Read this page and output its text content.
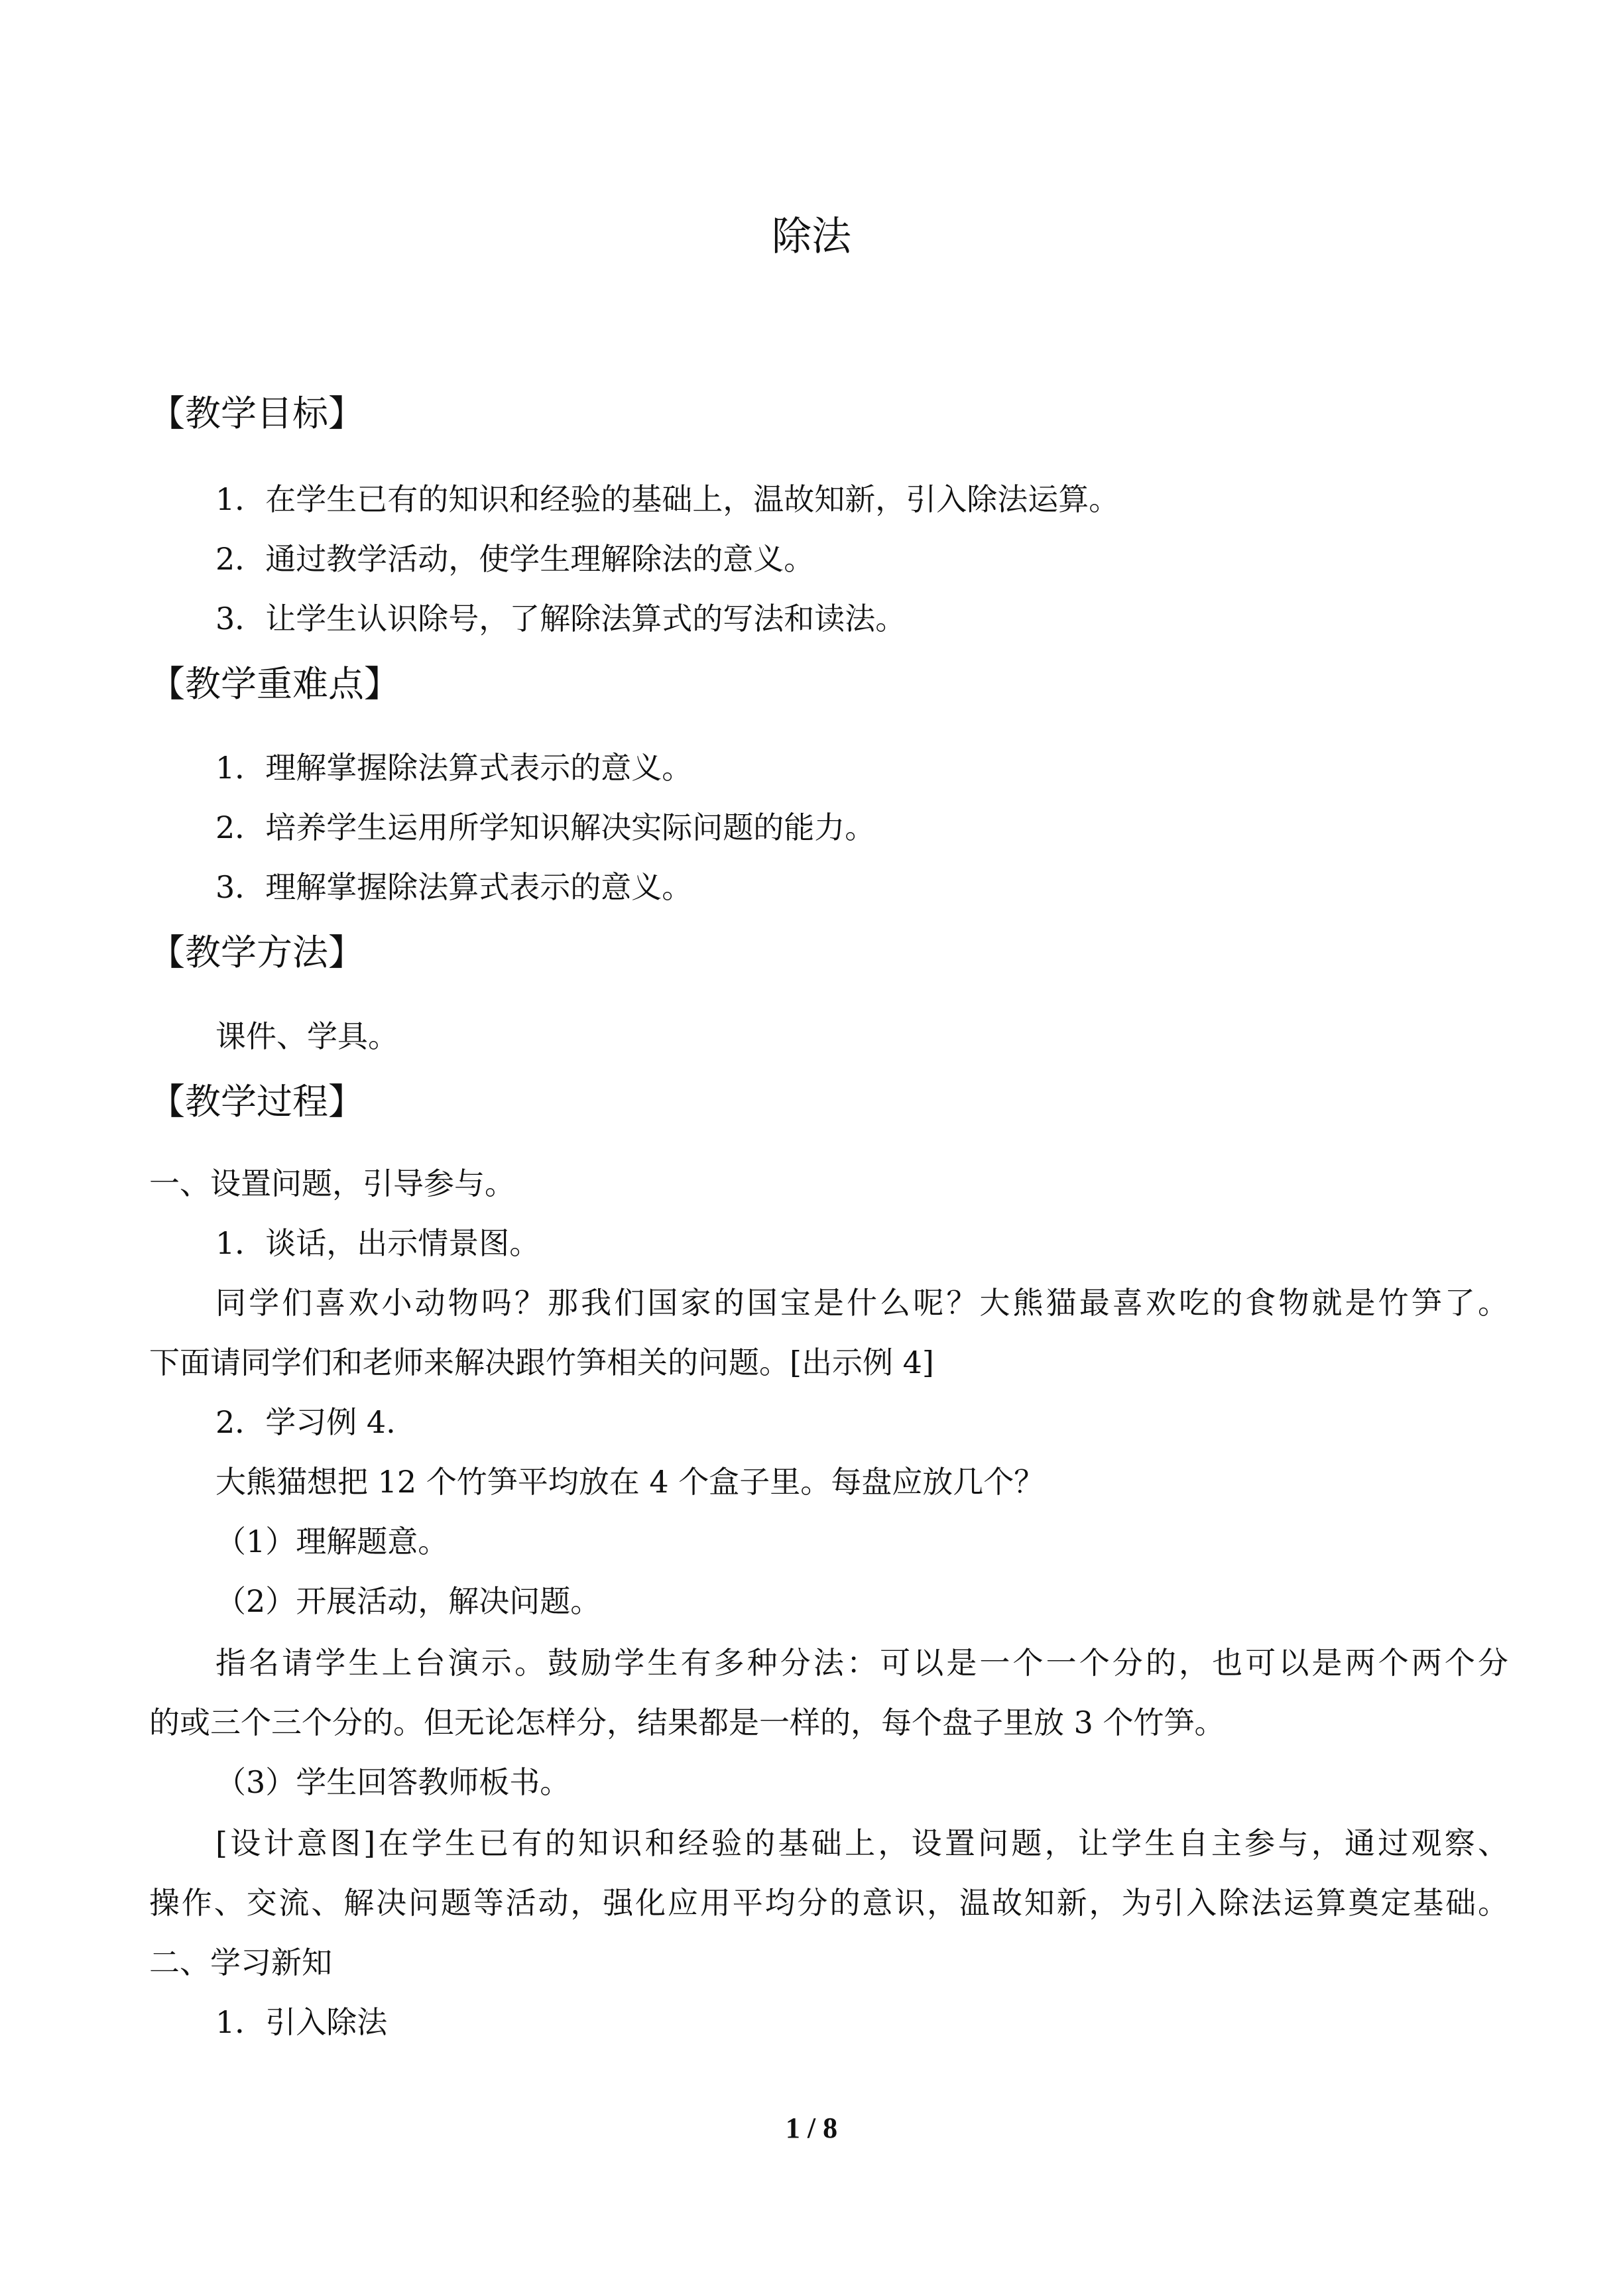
除法
【教学目标】
1．在学生已有的知识和经验的基础上，温故知新，引入除法运算。
2．通过教学活动，使学生理解除法的意义。
3．让学生认识除号，了解除法算式的写法和读法。
【教学重难点】
1．理解掌握除法算式表示的意义。
2．培养学生运用所学知识解决实际问题的能力。
3．理解掌握除法算式表示的意义。
【教学方法】
课件、学具。
【教学过程】
一、设置问题，引导参与。
1．谈话，出示情景图。
同学们喜欢小动物吗？那我们国家的国宝是什么呢？大熊猫最喜欢吃的食物就是竹笋了。
下面请同学们和老师来解决跟竹笋相关的问题。[出示例 4]
2．学习例 4.
大熊猫想把 12 个竹笋平均放在 4 个盒子里。每盘应放几个？
（1）理解题意。
（2）开展活动，解决问题。
指名请学生上台演示。鼓励学生有多种分法：可以是一个一个分的，也可以是两个两个分
的或三个三个分的。但无论怎样分，结果都是一样的，每个盘子里放 3 个竹笋。
（3）学生回答教师板书。
[设计意图]在学生已有的知识和经验的基础上，设置问题，让学生自主参与，通过观察、
操作、交流、解决问题等活动，强化应用平均分的意识，温故知新，为引入除法运算奠定基础。
二、学习新知
1．引入除法
1 / 8
